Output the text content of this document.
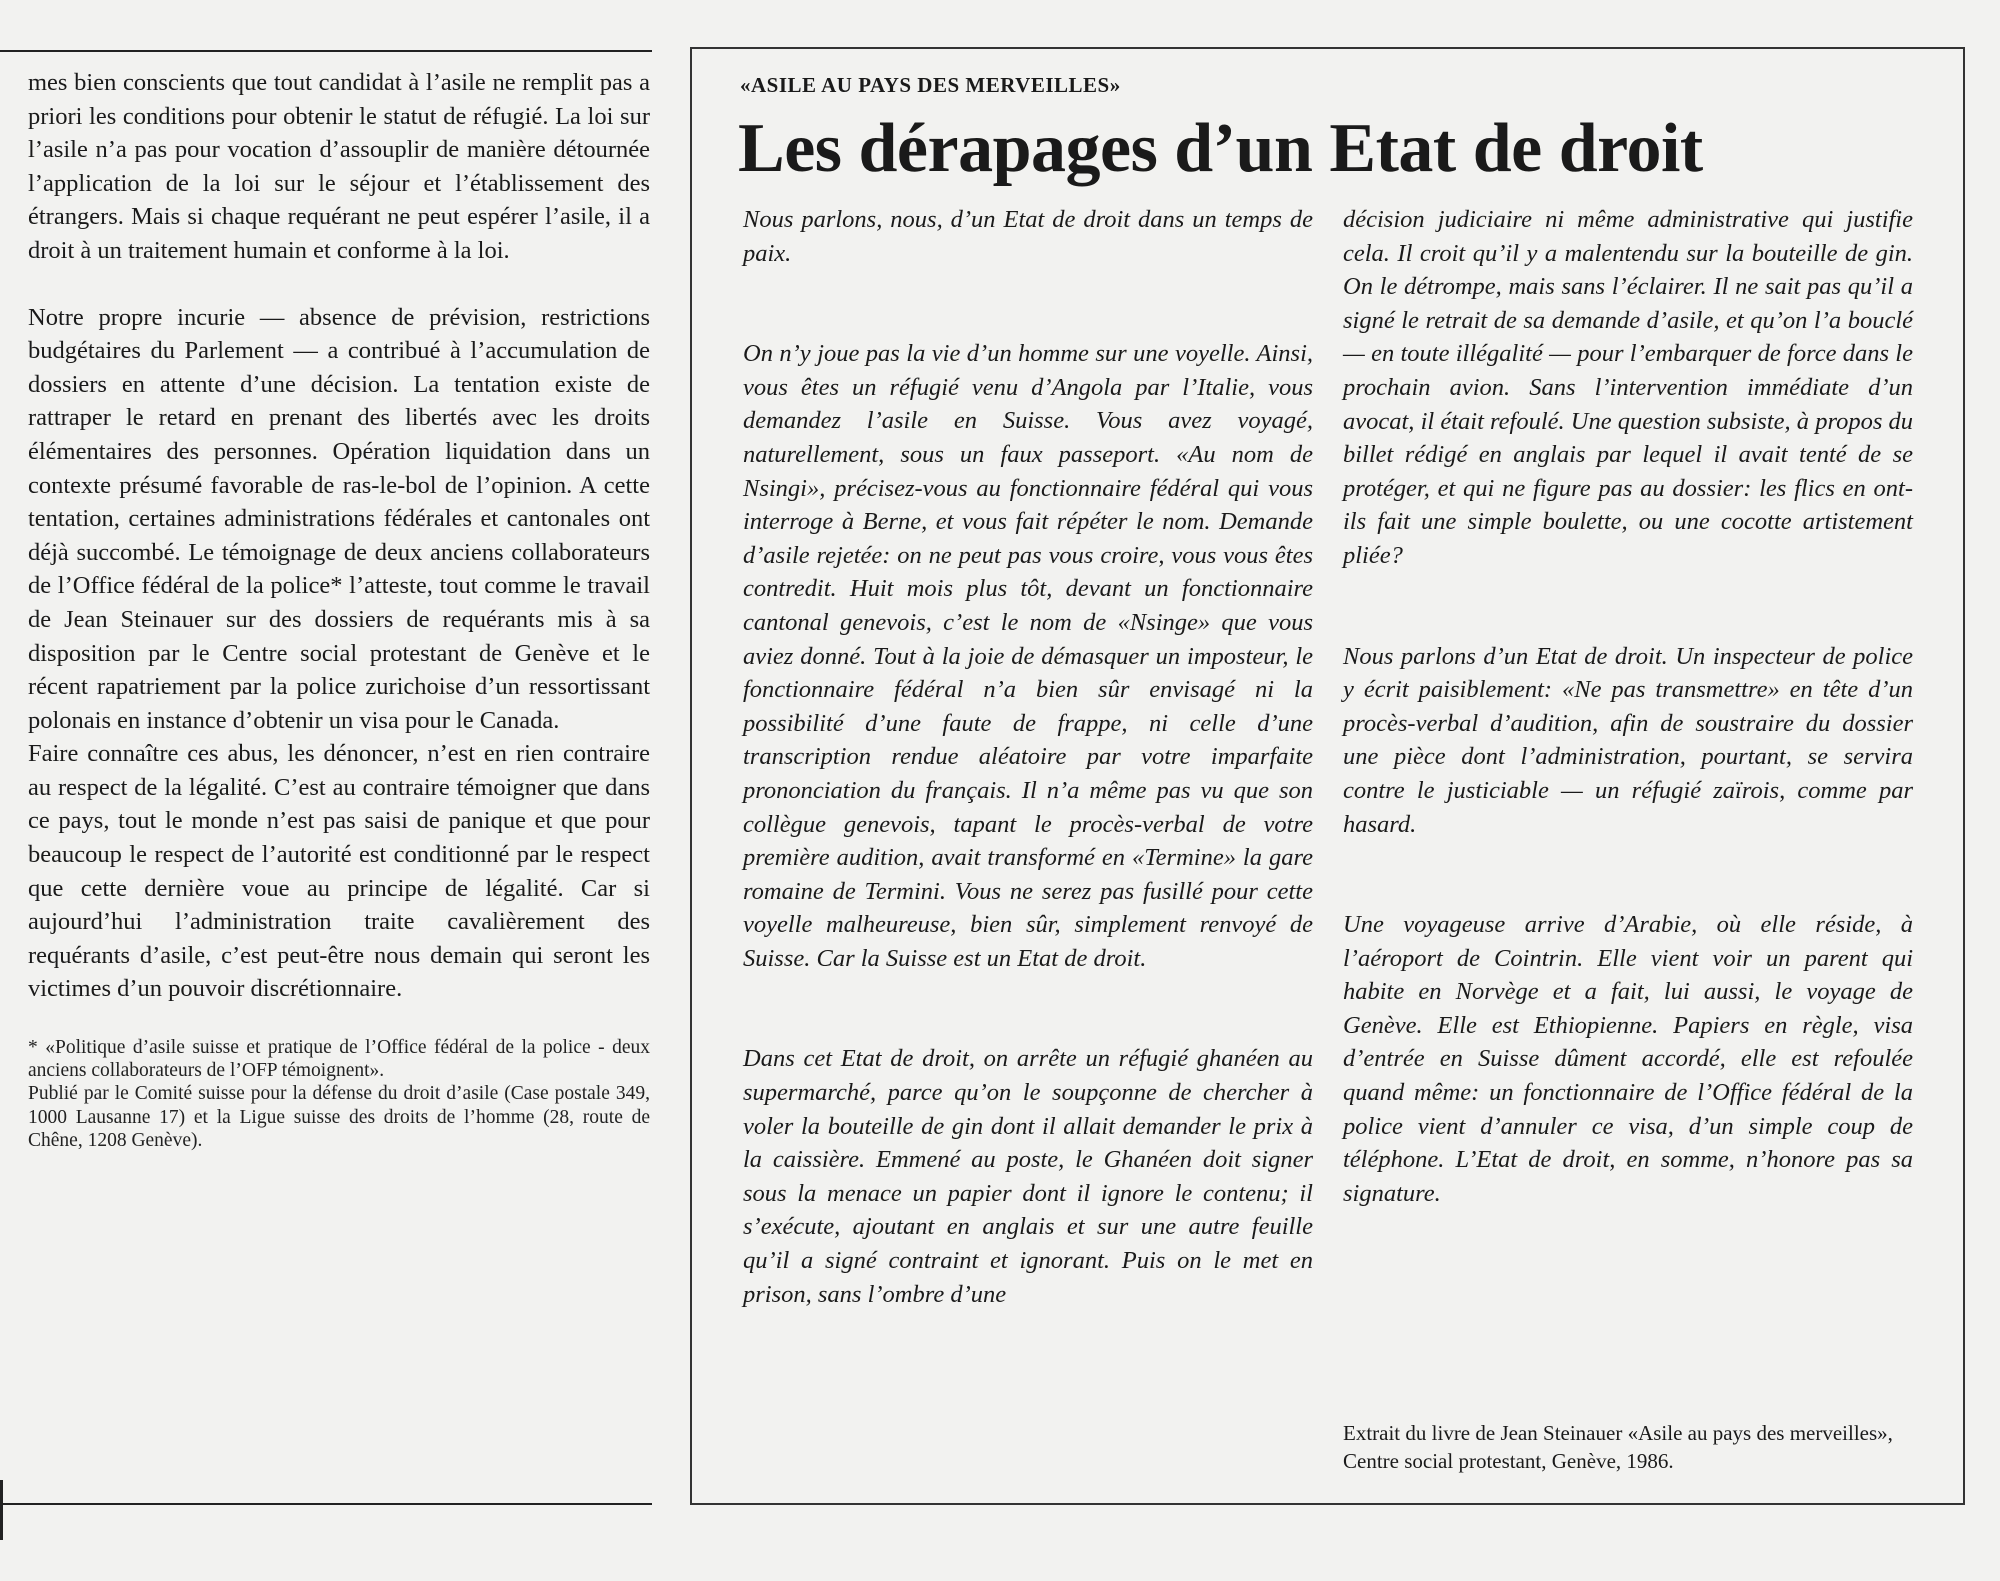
mes bien conscients que tout candidat à l’asile ne remplit pas a priori les conditions pour obtenir le statut de réfugié. La loi sur l’asile n’a pas pour vocation d’assouplir de manière détournée l’application de la loi sur le séjour et l’établissement des étrangers. Mais si chaque requérant ne peut espérer l’asile, il a droit à un traitement humain et conforme à la loi.

Notre propre incurie — absence de prévision, restrictions budgétaires du Parlement — a contribué à l’accumulation de dossiers en attente d’une décision. La tentation existe de rattraper le retard en prenant des libertés avec les droits élémentaires des personnes. Opération liquidation dans un contexte présumé favorable de ras-le-bol de l’opinion. A cette tentation, certaines administrations fédérales et cantonales ont déjà succombé. Le témoignage de deux anciens collaborateurs de l’Office fédéral de la police* l’atteste, tout comme le travail de Jean Steinauer sur des dossiers de requérants mis à sa disposition par le Centre social protestant de Genève et le récent rapatriement par la police zurichoise d’un ressortissant polonais en instance d’obtenir un visa pour le Canada.

Faire connaître ces abus, les dénoncer, n’est en rien contraire au respect de la légalité. C’est au contraire témoigner que dans ce pays, tout le monde n’est pas saisi de panique et que pour beaucoup le respect de l’autorité est conditionné par le respect que cette dernière voue au principe de légalité. Car si aujourd’hui l’administration traite cavalièrement des requérants d’asile, c’est peut-être nous demain qui seront les victimes d’un pouvoir discrétionnaire.

* «Politique d’asile suisse et pratique de l’Office fédéral de la police - deux anciens collaborateurs de l’OFP témoignent».

Publié par le Comité suisse pour la défense du droit d’asile (Case postale 349, 1000 Lausanne 17) et la Ligue suisse des droits de l’homme (28, route de Chêne, 1208 Genève).

«ASILE AU PAYS DES MERVEILLES»
Les dérapages d’un Etat de droit

Nous parlons, nous, d’un Etat de droit dans un temps de paix.

On n’y joue pas la vie d’un homme sur une voyelle. Ainsi, vous êtes un réfugié venu d’Angola par l’Italie, vous demandez l’asile en Suisse. Vous avez voyagé, naturellement, sous un faux passeport. «Au nom de Nsingi», précisez-vous au fonctionnaire fédéral qui vous interroge à Berne, et vous fait répéter le nom. Demande d’asile rejetée: on ne peut pas vous croire, vous vous êtes contredit. Huit mois plus tôt, devant un fonctionnaire cantonal genevois, c’est le nom de «Nsinge» que vous aviez donné. Tout à la joie de démasquer un imposteur, le fonctionnaire fédéral n’a bien sûr envisagé ni la possibilité d’une faute de frappe, ni celle d’une transcription rendue aléatoire par votre imparfaite prononciation du français. Il n’a même pas vu que son collègue genevois, tapant le procès-verbal de votre première audition, avait transformé en «Termine» la gare romaine de Termini. Vous ne serez pas fusillé pour cette voyelle malheureuse, bien sûr, simplement renvoyé de Suisse. Car la Suisse est un Etat de droit.

Dans cet Etat de droit, on arrête un réfugié ghanéen au supermarché, parce qu’on le soupçonne de chercher à voler la bouteille de gin dont il allait demander le prix à la caissière. Emmené au poste, le Ghanéen doit signer sous la menace un papier dont il ignore le contenu; il s’exécute, ajoutant en anglais et sur une autre feuille qu’il a signé contraint et ignorant. Puis on le met en prison, sans l’ombre d’une

décision judiciaire ni même administrative qui justifie cela. Il croit qu’il y a malentendu sur la bouteille de gin. On le détrompe, mais sans l’éclairer. Il ne sait pas qu’il a signé le retrait de sa demande d’asile, et qu’on l’a bouclé — en toute illégalité — pour l’embarquer de force dans le prochain avion. Sans l’intervention immédiate d’un avocat, il était refoulé. Une question subsiste, à propos du billet rédigé en anglais par lequel il avait tenté de se protéger, et qui ne figure pas au dossier: les flics en ont-ils fait une simple boulette, ou une cocotte artistement pliée?

Nous parlons d’un Etat de droit. Un inspecteur de police y écrit paisiblement: «Ne pas transmettre» en tête d’un procès-verbal d’audition, afin de soustraire du dossier une pièce dont l’administration, pourtant, se servira contre le justiciable — un réfugié zaïrois, comme par hasard.

Une voyageuse arrive d’Arabie, où elle réside, à l’aéroport de Cointrin. Elle vient voir un parent qui habite en Norvège et a fait, lui aussi, le voyage de Genève. Elle est Ethiopienne. Papiers en règle, visa d’entrée en Suisse dûment accordé, elle est refoulée quand même: un fonctionnaire de l’Office fédéral de la police vient d’annuler ce visa, d’un simple coup de téléphone. L’Etat de droit, en somme, n’honore pas sa signature.

Extrait du livre de Jean Steinauer «Asile au pays des merveilles», Centre social protestant, Genève, 1986.
